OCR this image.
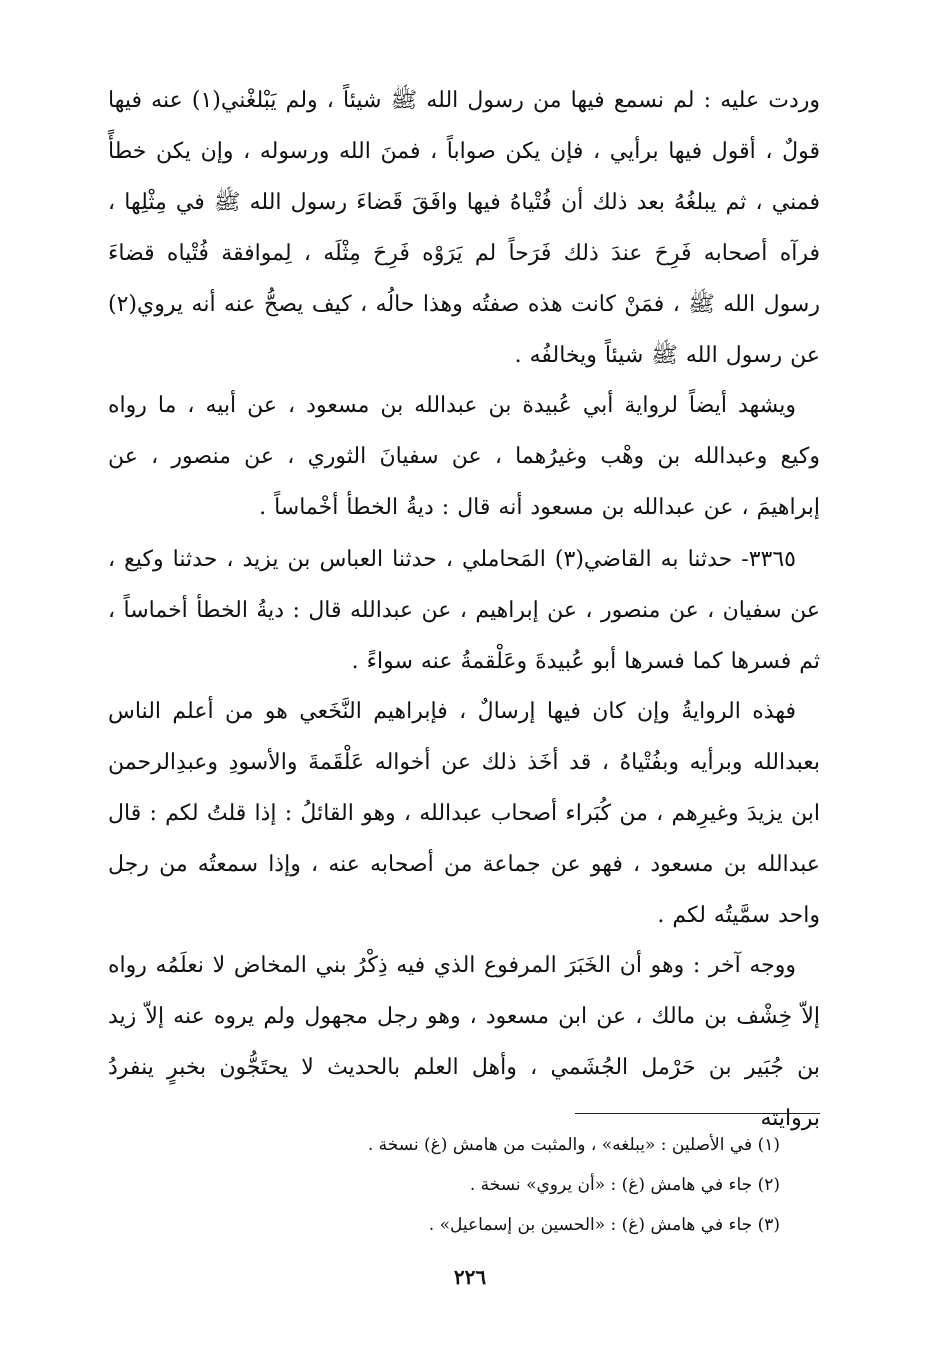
وردت عليه : لم نسمع فيها من رسول الله ﷺ شيئاً ، ولم يَبْلغْني(١) عنه فيها قولٌ ، أقول فيها برأيي ، فإن يكن صواباً ، فمنَ الله ورسوله ، وإن يكن خطأً فمني ، ثم يبلغُهُ بعد ذلك أن فُتْياهُ فيها وافَقَ قَضاءَ رسول الله ﷺ في مِثْلِها ، فرآه أصحابه فَرِحَ عندَ ذلك فَرَحاً لم يَرَوْه فَرِحَ مِثْلَه ، لِموافقة فُتْياه قضاءَ رسول الله ﷺ ، فمَنْ كانت هذه صفتُه وهذا حالُه ، كيف يصحُّ عنه أنه يروي(٢) عن رسول الله ﷺ شيئاً ويخالفُه .

ويشهد أيضاً لرواية أبي عُبيدة بن عبدالله بن مسعود ، عن أبيه ، ما رواه وكيع وعبدالله بن وهْب وغيرُهما ، عن سفيانَ الثوري ، عن منصور ، عن إبراهيمَ ، عن عبدالله بن مسعود أنه قال : ديةُ الخطأ أخْماساً .

٣٣٦٥- حدثنا به القاضي(٣) المَحاملي ، حدثنا العباس بن يزيد ، حدثنا وكيع ، عن سفيان ، عن منصور ، عن إبراهيم ، عن عبدالله قال : ديةُ الخطأ أخماساً ، ثم فسرها كما فسرها أبو عُبيدةَ وعَلْقمةُ عنه سواءً .

فهذه الروايةُ وإن كان فيها إرسالٌ ، فإبراهيم النَّخَعي هو من أعلم الناس بعبدالله وبرأيه وبفُتْياهُ ، قد أخَذ ذلك عن أخواله عَلْقَمةَ والأسودِ وعبدِالرحمن ابن يزيدَ وغيرِهم ، من كُبَراء أصحاب عبدالله ، وهو القائلُ : إذا قلتُ لكم : قال عبدالله بن مسعود ، فهو عن جماعة من أصحابه عنه ، وإذا سمعتُه من رجل واحد سمَّيتُه لكم .

ووجه آخر : وهو أن الخَبَرَ المرفوع الذي فيه ذِكْرُ بني المخاض لا نعلَمُه رواه إلاّ خِشْف بن مالك ، عن ابن مسعود ، وهو رجل مجهول ولم يروه عنه إلاّ زيد بن جُبَير بن حَرْمل الجُشَمي ، وأهل العلم بالحديث لا يحتَجُّون بخبرٍ ينفردُ بروايته

(١) في الأصلين : «يبلغه» ، والمثبت من هامش (غ) نسخة .

(٢) جاء في هامش (غ) : «أن يروي» نسخة .

(٣) جاء في هامش (غ) : «الحسين بن إسماعيل» .

٢٢٦
